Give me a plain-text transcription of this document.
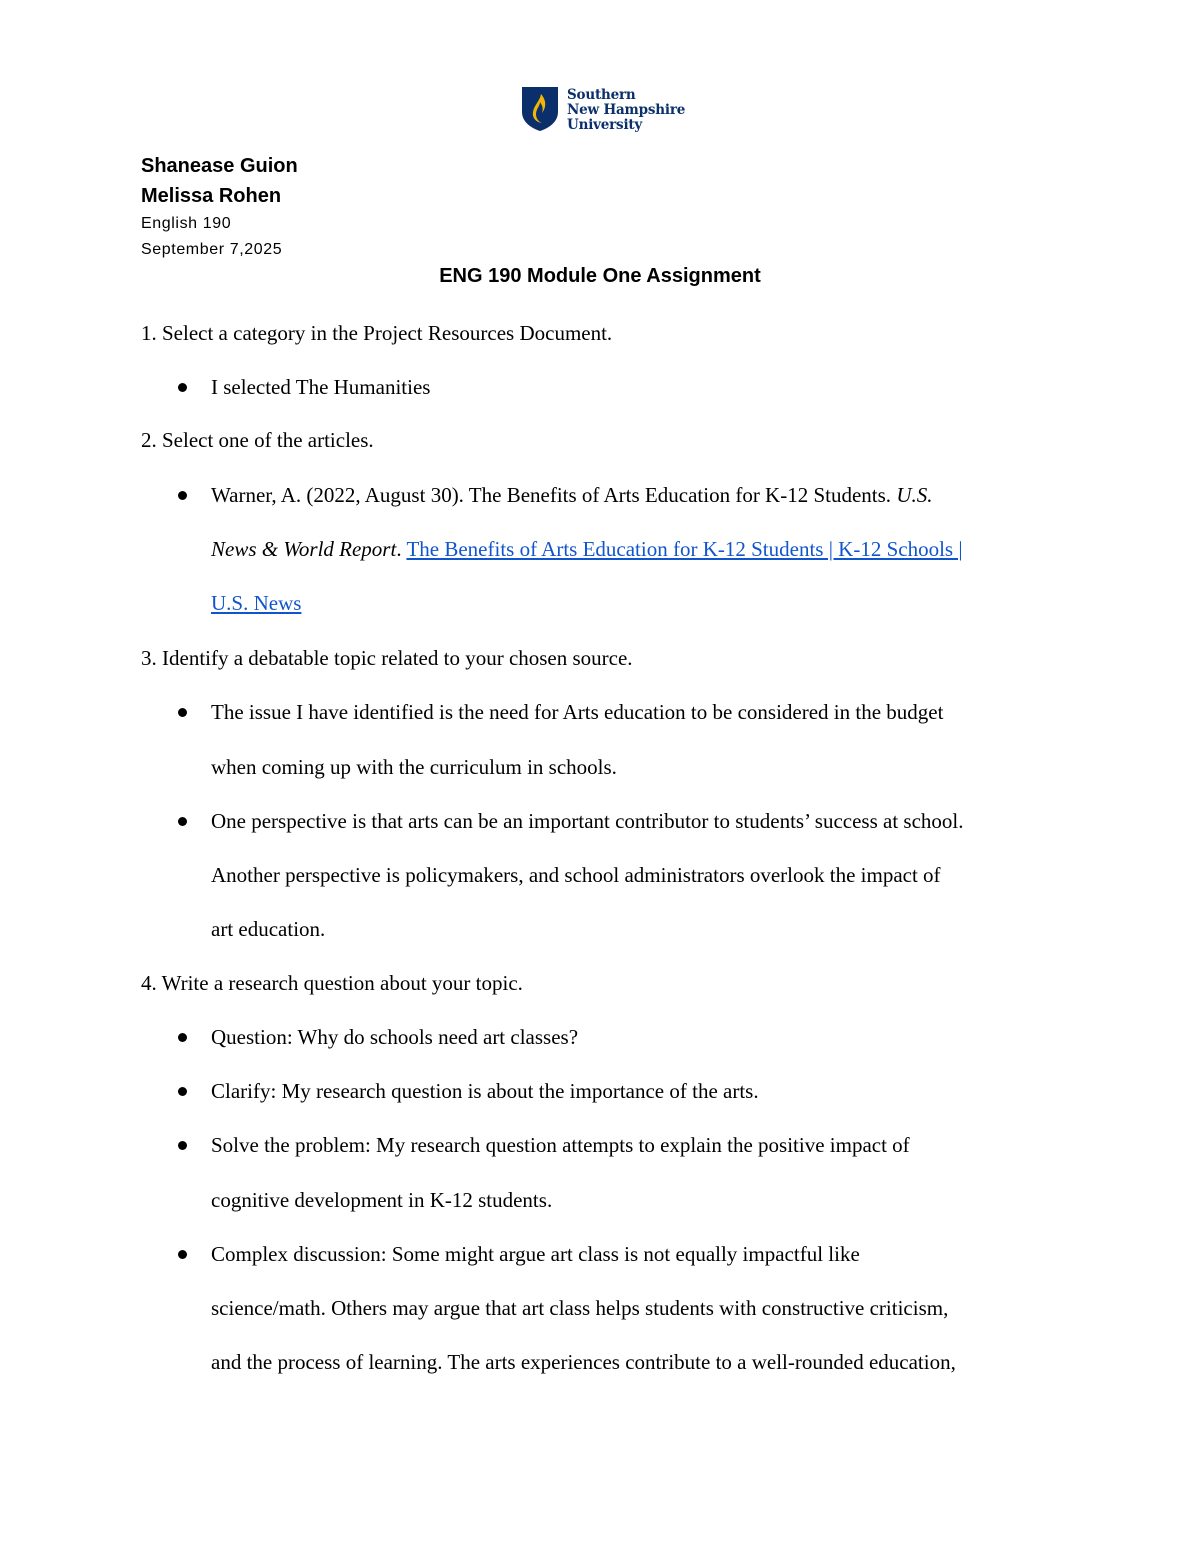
Southern
New Hampshire
University
Shanease Guion
Melissa Rohen
English 190
September 7,2025
ENG 190 Module One Assignment
1. Select a category in the Project Resources Document.
I selected The Humanities
2. Select one of the articles.
Warner, A. (2022, August 30). The Benefits of Arts Education for K-12 Students. U.S.
News & World Report. The Benefits of Arts Education for K-12 Students | K-12 Schools |
U.S. News
3. Identify a debatable topic related to your chosen source.
The issue I have identified is the need for Arts education to be considered in the budget
when coming up with the curriculum in schools.
One perspective is that arts can be an important contributor to students’ success at school.
Another perspective is policymakers, and school administrators overlook the impact of
art education.
4. Write a research question about your topic.
Question: Why do schools need art classes?
Clarify: My research question is about the importance of the arts.
Solve the problem: My research question attempts to explain the positive impact of
cognitive development in K-12 students.
Complex discussion: Some might argue art class is not equally impactful like
science/math. Others may argue that art class helps students with constructive criticism,
and the process of learning. The arts experiences contribute to a well-rounded education,
